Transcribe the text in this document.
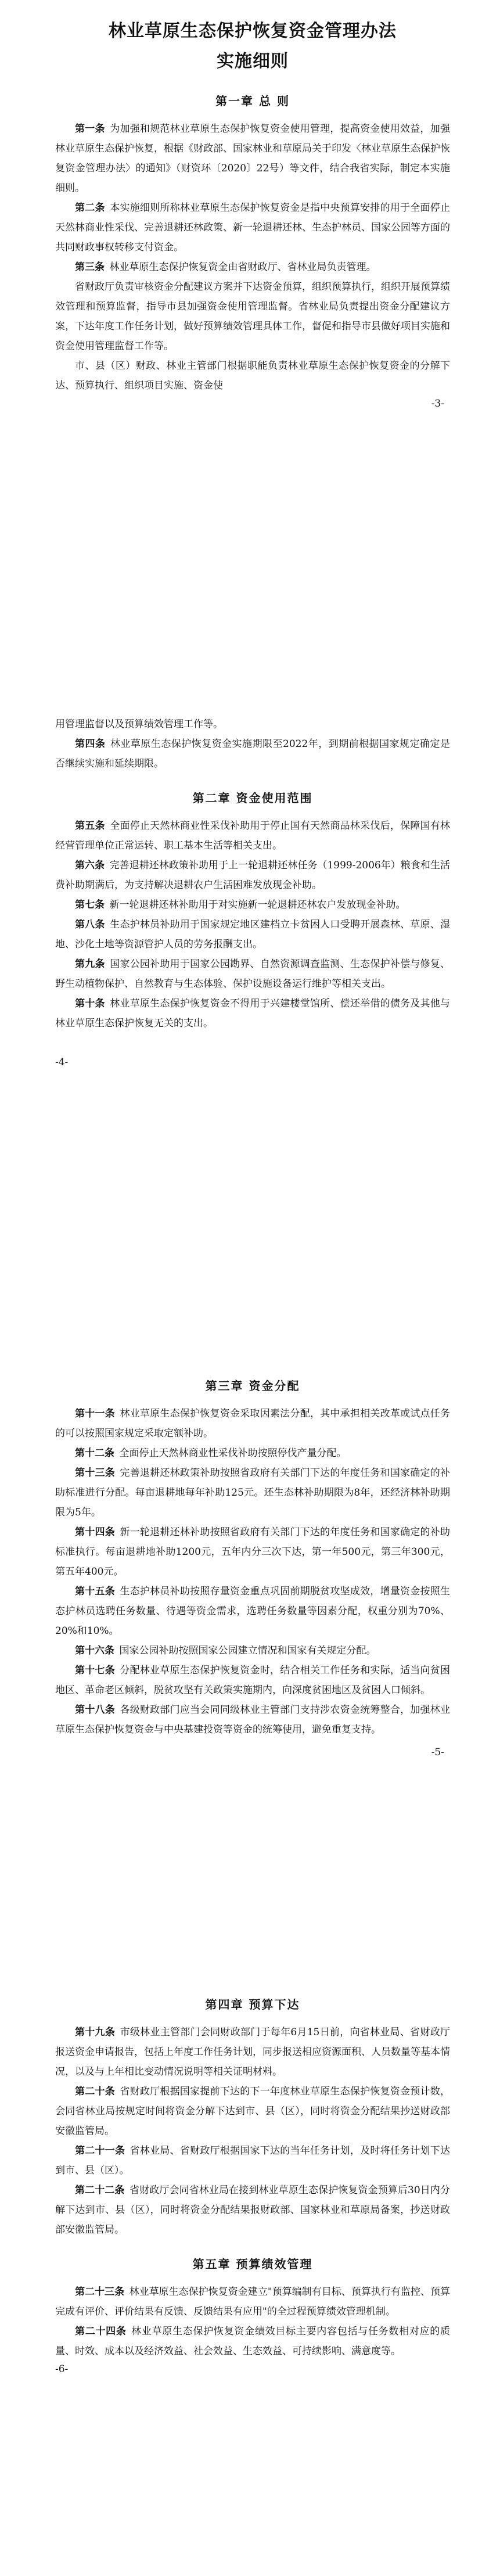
林业草原生态保护恢复资金管理办法
实施细则
第一章 总 则

第一条 为加强和规范林业草原生态保护恢复资金使用管理，提高资金使用效益，加强林业草原生态保护恢复，根据《财政部、国家林业和草原局关于印发〈林业草原生态保护恢复资金管理办法〉的通知》（财资环〔2020〕22号）等文件，结合我省实际，制定本实施细则。

第二条 本实施细则所称林业草原生态保护恢复资金是指中央预算安排的用于全面停止天然林商业性采伐、完善退耕还林政策、新一轮退耕还林、生态护林员、国家公园等方面的共同财政事权转移支付资金。

第三条 林业草原生态保护恢复资金由省财政厅、省林业局负责管理。

省财政厅负责审核资金分配建议方案并下达资金预算，组织预算执行，组织开展预算绩效管理和预算监督，指导市县加强资金使用管理监督。省林业局负责提出资金分配建议方案，下达年度工作任务计划，做好预算绩效管理具体工作，督促和指导市县做好项目实施和资金使用管理监督工作等。

市、县（区）财政、林业主管部门根据职能负责林业草原生态保护恢复资金的分解下达、预算执行、组织项目实施、资金使

-3-

用管理监督以及预算绩效管理工作等。

第四条 林业草原生态保护恢复资金实施期限至2022年，到期前根据国家规定确定是否继续实施和延续期限。

第二章 资金使用范围

第五条 全面停止天然林商业性采伐补助用于停止国有天然商品林采伐后，保障国有林经营管理单位正常运转、职工基本生活等相关支出。

第六条 完善退耕还林政策补助用于上一轮退耕还林任务（1999-2006年）粮食和生活费补助期满后，为支持解决退耕农户生活困难发放现金补助。

第七条 新一轮退耕还林补助用于对实施新一轮退耕还林农户发放现金补助。

第八条 生态护林员补助用于国家规定地区建档立卡贫困人口受聘开展森林、草原、湿地、沙化土地等资源管护人员的劳务报酬支出。

第九条 国家公园补助用于国家公园勘界、自然资源调查监测、生态保护补偿与修复、野生动植物保护、自然教育与生态体验、保护设施设备运行维护等相关支出。

第十条 林业草原生态保护恢复资金不得用于兴建楼堂馆所、偿还举借的债务及其他与林业草原生态保护恢复无关的支出。

-4-
第三章 资金分配

第十一条 林业草原生态保护恢复资金采取因素法分配，其中承担相关改革或试点任务的可以按照国家规定采取定额补助。

第十二条 全面停止天然林商业性采伐补助按照停伐产量分配。

第十三条 完善退耕还林政策补助按照省政府有关部门下达的年度任务和国家确定的补助标准进行分配。每亩退耕地每年补助125元。还生态林补助期限为8年，还经济林补助期限为5年。

第十四条 新一轮退耕还林补助按照省政府有关部门下达的年度任务和国家确定的补助标准执行。每亩退耕地补助1200元，五年内分三次下达，第一年500元，第三年300元，第五年400元。

第十五条 生态护林员补助按照存量资金重点巩固前期脱贫攻坚成效，增量资金按照生态护林员选聘任务数量、待遇等资金需求，选聘任务数量等因素分配，权重分别为70%、20%和10%。

第十六条 国家公园补助按照国家公园建立情况和国家有关规定分配。

第十七条 分配林业草原生态保护恢复资金时，结合相关工作任务和实际，适当向贫困地区、革命老区倾斜，脱贫攻坚有关政策实施期内，向深度贫困地区及贫困人口倾斜。

第十八条 各级财政部门应当会同同级林业主管部门支持涉农资金统筹整合，加强林业草原生态保护恢复资金与中央基建投资等资金的统筹使用，避免重复支持。

-5-
第四章 预算下达

第十九条 市级林业主管部门会同财政部门于每年6月15日前，向省林业局、省财政厅报送资金申请报告，包括上年度工作任务计划，同步报送相应资源面积、人员数量等基本情况，以及与上年相比变动情况说明等相关证明材料。

第二十条 省财政厅根据国家提前下达的下一年度林业草原生态保护恢复资金预计数，会同省林业局按规定时间将资金分解下达到市、县（区），同时将资金分配结果抄送财政部安徽监管局。

第二十一条 省林业局、省财政厅根据国家下达的当年任务计划，及时将任务计划下达到市、县（区）。

第二十二条 省财政厅会同省林业局在接到林业草原生态保护恢复资金预算后30日内分解下达到市、县（区），同时将资金分配结果报财政部、国家林业和草原局备案，抄送财政部安徽监管局。

第五章 预算绩效管理

第二十三条 林业草原生态保护恢复资金建立"预算编制有目标、预算执行有监控、预算完成有评价、评价结果有反馈、反馈结果有应用"的全过程预算绩效管理机制。

第二十四条 林业草原生态保护恢复资金绩效目标主要内容包括与任务数相对应的质量、时效、成本以及经济效益、社会效益、生态效益、可持续影响、满意度等。

-6-
